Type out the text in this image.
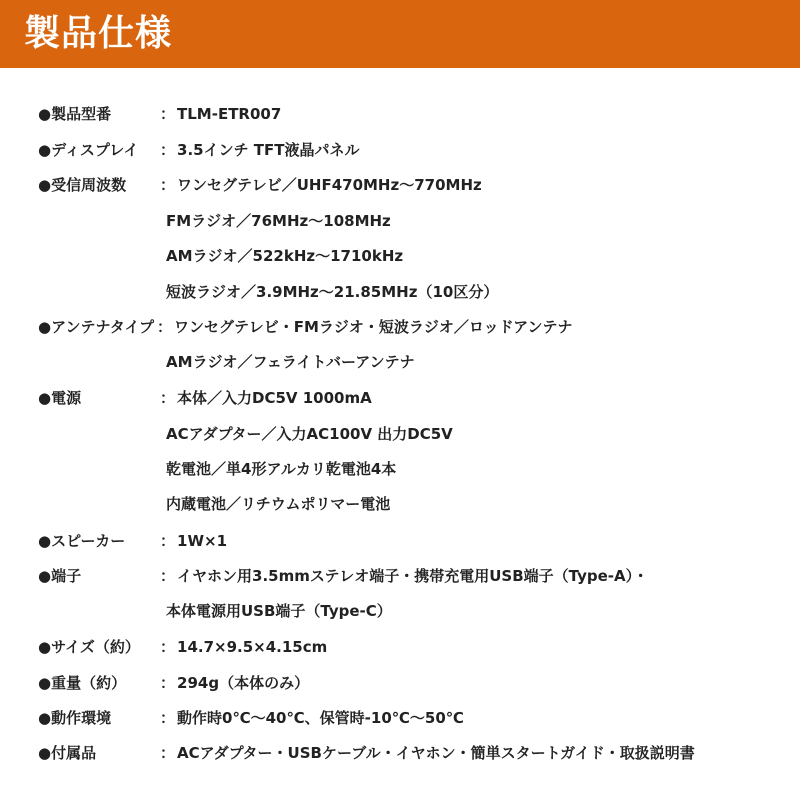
製品仕様
●製品型番	： TLM-ETR007
●ディスプレイ ： 3.5インチ TFT液晶パネル
●受信周波数 ： ワンセグテレビ／UHF470MHz～770MHz
FMラジオ／76MHz～108MHz
AMラジオ／522kHz～1710kHz
短波ラジオ／3.9MHz～21.85MHz（10区分）
●アンテナタイプ ： ワンセグテレビ・FMラジオ・短波ラジオ／ロッドアンテナ
AMラジオ／フェライトバーアンテナ
●電源	： 本体／入力DC5V 1000mA
ACアダプター／入力AC100V 出力DC5V
乾電池／単4形アルカリ乾電池4本
内蔵電池／リチウムポリマー電池
●スピーカー ： 1W×1
●端子	： イヤホン用3.5mmステレオ端子・携帯充電用USB端子（Type-A）・
本体電源用USB端子（Type-C）
●サイズ（約） ： 14.7×9.5×4.15cm
●重量（約） ： 294g（本体のみ）
●動作環境	： 動作時0℃～40℃、保管時-10℃～50℃
●付属品	： ACアダプター・USBケーブル・イヤホン・簡単スタートガイド・取扱説明書
